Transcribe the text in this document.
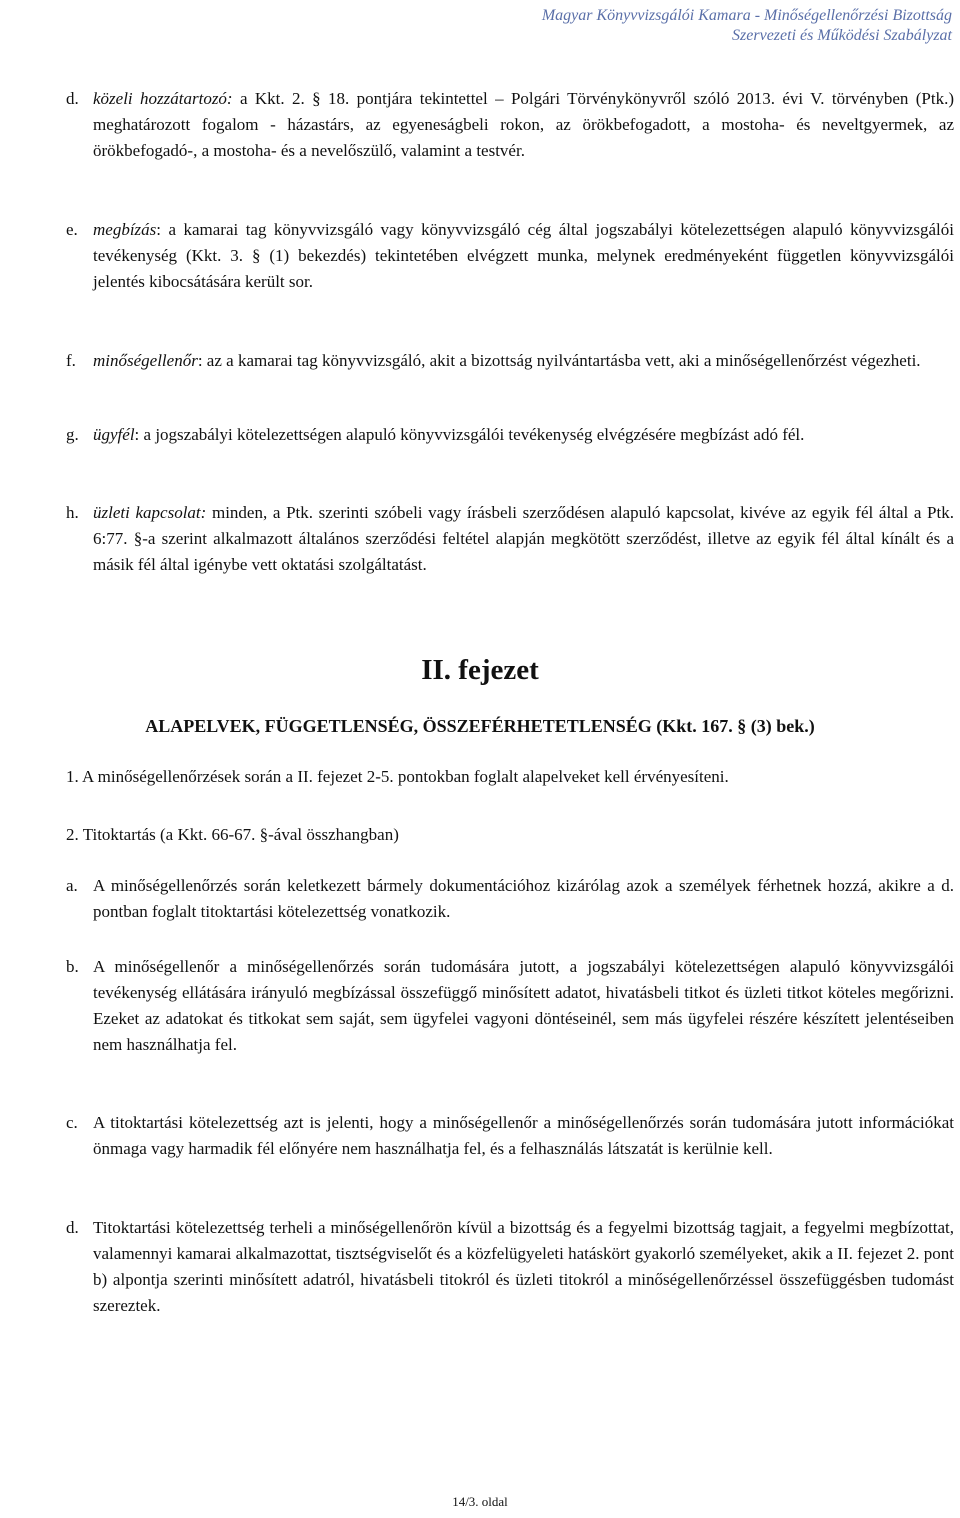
Magyar Könyvvizsgálói Kamara - Minőségellenőrzési Bizottság
Szervezeti és Működési Szabályzat
d. közeli hozzátartozó: a Kkt. 2. § 18. pontjára tekintettel – Polgári Törvénykönyvről szóló 2013. évi V. törvényben (Ptk.) meghatározott fogalom - házastárs, az egyeneságbeli rokon, az örökbefogadott, a mostoha- és neveltgyermek, az örökbefogadó-, a mostoha- és a nevelőszülő, valamint a testvér.
e. megbízás: a kamarai tag könyvvizsgáló vagy könyvvizsgáló cég által jogszabályi kötelezettségen alapuló könyvvizsgálói tevékenység (Kkt. 3. § (1) bekezdés) tekintetében elvégzett munka, melynek eredményeként független könyvvizsgálói jelentés kibocsátására került sor.
f. minőségellenőr: az a kamarai tag könyvvizsgáló, akit a bizottság nyilvántartásba vett, aki a minőségellenőrzést végezheti.
g. ügyfél: a jogszabályi kötelezettségen alapuló könyvvizsgálói tevékenység elvégzésére megbízást adó fél.
h. üzleti kapcsolat: minden, a Ptk. szerinti szóbeli vagy írásbeli szerződésen alapuló kapcsolat, kivéve az egyik fél által a Ptk. 6:77. §-a szerint alkalmazott általános szerződési feltétel alapján megkötött szerződést, illetve az egyik fél által kínált és a másik fél által igénybe vett oktatási szolgáltatást.
II. fejezet
ALAPELVEK, FÜGGETLENSÉG, ÖSSZEFÉRHETETLENSÉG (Kkt. 167. § (3) bek.)
1. A minőségellenőrzések során a II. fejezet 2-5. pontokban foglalt alapelveket kell érvényesíteni.
2. Titoktartás (a Kkt. 66-67. §-ával összhangban)
a. A minőségellenőrzés során keletkezett bármely dokumentációhoz kizárólag azok a személyek férhetnek hozzá, akikre a d. pontban foglalt titoktartási kötelezettség vonatkozik.
b. A minőségellenőr a minőségellenőrzés során tudomására jutott, a jogszabályi kötelezettségen alapuló könyvvizsgálói tevékenység ellátására irányuló megbízással összefüggő minősített adatot, hivatásbeli titkot és üzleti titkot köteles megőrizni. Ezeket az adatokat és titkokat sem saját, sem ügyfelei vagyoni döntéseinél, sem más ügyfelei részére készített jelentéseiben nem használhatja fel.
c. A titoktartási kötelezettség azt is jelenti, hogy a minőségellenőr a minőségellenőrzés során tudomására jutott információkat önmaga vagy harmadik fél előnyére nem használhatja fel, és a felhasználás látszatát is kerülnie kell.
d. Titoktartási kötelezettség terheli a minőségellenőrön kívül a bizottság és a fegyelmi bizottság tagjait, a fegyelmi megbízottat, valamennyi kamarai alkalmazottat, tisztségviselőt és a közfelügyeleti hatáskört gyakorló személyeket, akik a II. fejezet 2. pont b) alpontja szerinti minősített adatról, hivatásbeli titokról és üzleti titokról a minőségellenőrzéssel összefüggésben tudomást szereztek.
14/3. oldal
